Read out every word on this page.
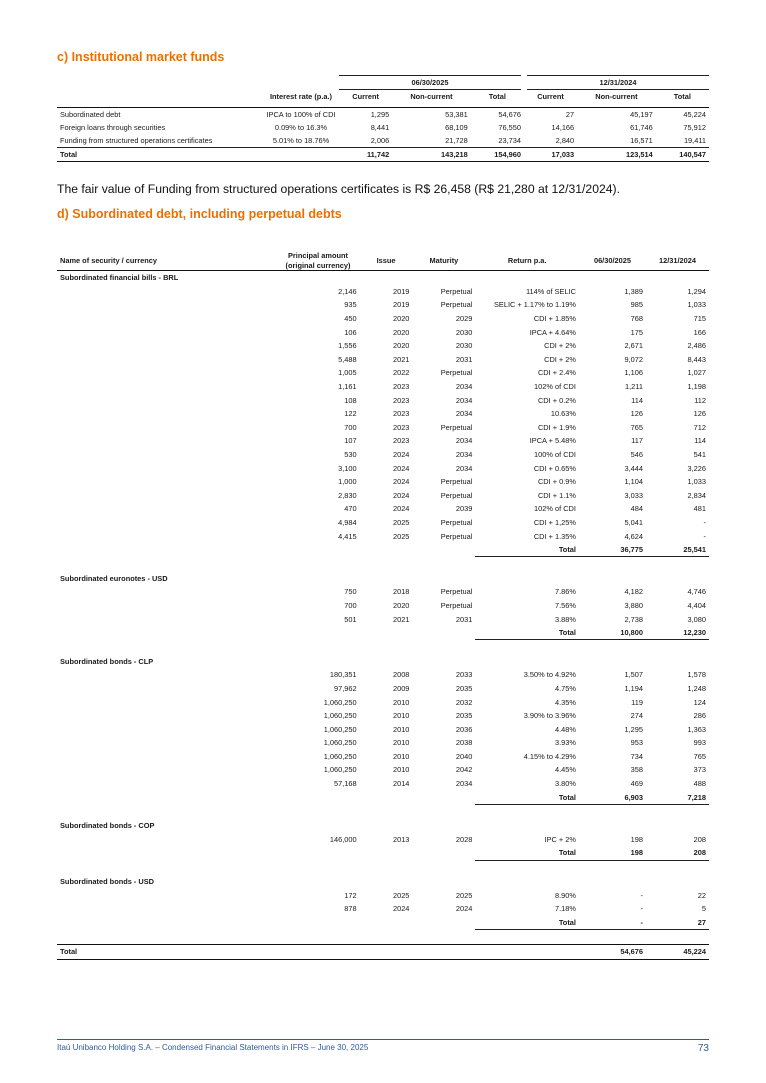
c) Institutional market funds
		06/30/2025			12/31/2024		
	Interest rate (p.a.)	Current	Non-current	Total	Current	Non-current	Total

Subordinated debt	IPCA to 100% of CDI	1,295	53,381	54,676	27	45,197	45,224
Foreign loans through securities	0.09% to 16.3%	8,441	68,109	76,550	14,166	61,746	75,912
Funding from structured operations certificates	5.01% to 18.76%	2,006	21,728	23,734	2,840	16,571	19,411
Total		11,742	143,218	154,960	17,033	123,514	140,547
The fair value of Funding from structured operations certificates is R$ 26,458 (R$ 21,280 at 12/31/2024).
d) Subordinated debt, including perpetual debts
Name of security / currency	Principal amount	Issue	Maturity	Return p.a.	06/30/2025	12/31/2024
	(original currency)					

Subordinated financial bills - BRL						
	2,146	2019	Perpetual	114% of SELIC	1,389	1,294
	935	2019	Perpetual	SELIC + 1.17% to 1.19%	985	1,033
	450	2020	2029	CDI + 1.85%	768	715
	106	2020	2030	IPCA + 4.64%	175	166
	1,556	2020	2030	CDI + 2%	2,671	2,486
	5,488	2021	2031	CDI + 2%	9,072	8,443
	1,005	2022	Perpetual	CDI + 2.4%	1,106	1,027
	1,161	2023	2034	102% of CDI	1,211	1,198
	108	2023	2034	CDI + 0.2%	114	112
	122	2023	2034	10.63%	126	126
	700	2023	Perpetual	CDI + 1.9%	765	712
	107	2023	2034	IPCA + 5.48%	117	114
	530	2024	2034	100% of CDI	546	541
	3,100	2024	2034	CDI + 0.65%	3,444	3,226
	1,000	2024	Perpetual	CDI + 0.9%	1,104	1,033
	2,830	2024	Perpetual	CDI + 1.1%	3,033	2,834
	470	2024	2039	102% of CDI	484	481
	4,984	2025	Perpetual	CDI + 1,25%	5,041	-
	4,415	2025	Perpetual	CDI + 1.35%	4,624	-
				Total	36,775	25,541

Subordinated euronotes - USD						
	750	2018	Perpetual	7.86%	4,182	4,746
	700	2020	Perpetual	7.56%	3,880	4,404
	501	2021	2031	3.88%	2,738	3,080
				Total	10,800	12,230

Subordinated bonds - CLP						
	180,351	2008	2033	3.50% to 4.92%	1,507	1,578
	97,962	2009	2035	4.75%	1,194	1,248
	1,060,250	2010	2032	4.35%	119	124
	1,060,250	2010	2035	3.90% to 3.96%	274	286
	1,060,250	2010	2036	4.48%	1,295	1,363
	1,060,250	2010	2038	3.93%	953	993
	1,060,250	2010	2040	4.15% to 4.29%	734	765
	1,060,250	2010	2042	4.45%	358	373
	57,168	2014	2034	3.80%	469	488
				Total	6,903	7,218

Subordinated bonds - COP						
	146,000	2013	2028	IPC + 2%	198	208
				Total	198	208

Subordinated bonds - USD						
	172	2025	2025	8.90%	-	22
	878	2024	2024	7.18%	-	5
				Total	-	27

Total					54,676	45,224
Itaú Unibanco Holding S.A. – Condensed Financial Statements in IFRS – June 30, 2025	73
